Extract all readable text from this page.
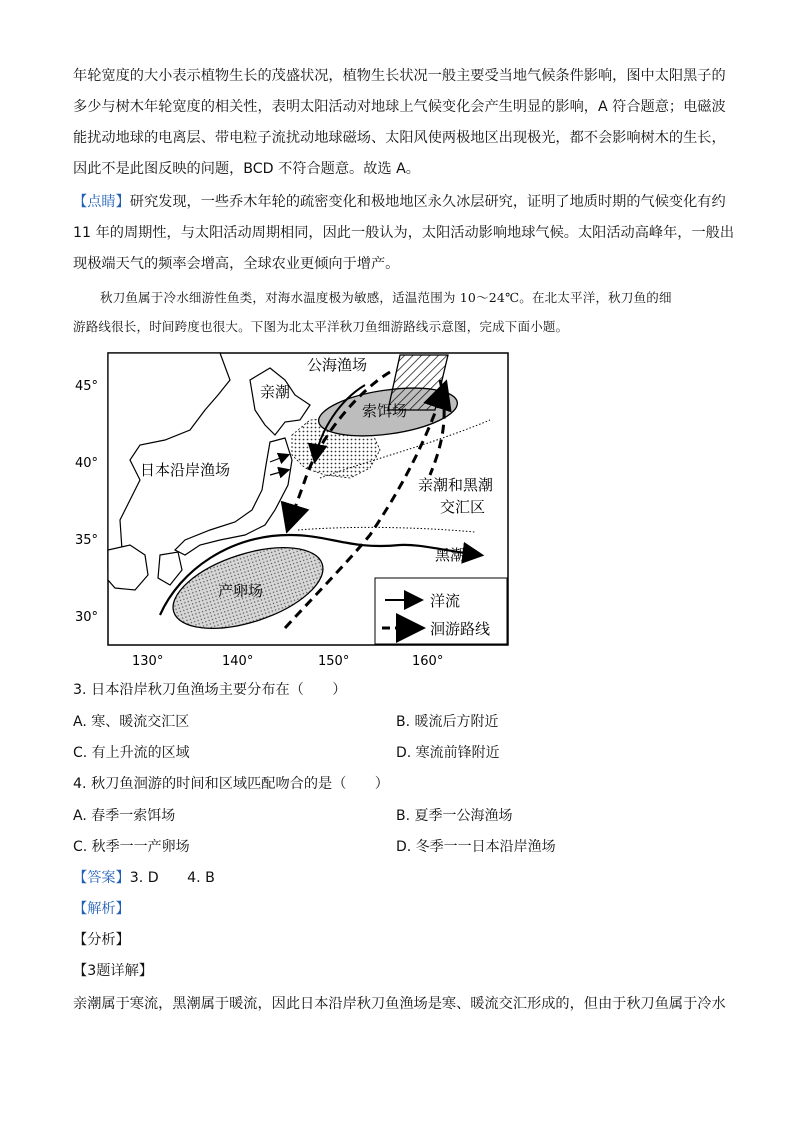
年轮宽度的大小表示植物生长的茂盛状况，植物生长状况一般主要受当地气候条件影响，图中太阳黑子的
多少与树木年轮宽度的相关性，表明太阳活动对地球上气候变化会产生明显的影响，A 符合题意；电磁波
能扰动地球的电离层、带电粒子流扰动地球磁场、太阳风使两极地区出现极光，都不会影响树木的生长，
因此不是此图反映的问题，BCD 不符合题意。故选 A。
【点睛】研究发现，一些乔木年轮的疏密变化和极地地区永久冰层研究，证明了地质时期的气候变化有约
11 年的周期性，与太阳活动周期相同，因此一般认为，太阳活动影响地球气候。太阳活动高峰年，一般出
现极端天气的频率会增高，全球农业更倾向于增产。
秋刀鱼属于冷水细游性鱼类，对海水温度极为敏感，适温范围为 10～24℃。在北太平洋，秋刀鱼的细
游路线很长，时间跨度也很大。下图为北太平洋秋刀鱼细游路线示意图，完成下面小题。
公海渔场
亲潮
索饵场
日本沿岸渔场
亲潮和黑潮
交汇区
黑潮
产卵场
45°
40°
35°
30°
130°	140°	150°	160°
洋流
洄游路线
3. 日本沿岸秋刀鱼渔场主要分布在（　　）
A. 寒、暖流交汇区	B. 暖流后方附近
C. 有上升流的区域	D. 寒流前锋附近
4. 秋刀鱼洄游的时间和区域匹配吻合的是（　　）
A. 春季一索饵场	B. 夏季一公海渔场
C. 秋季一一产卵场	D. 冬季一一日本沿岸渔场
【答案】3. D　　4. B
【解析】
【分析】
【3题详解】
亲潮属于寒流，黑潮属于暖流，因此日本沿岸秋刀鱼渔场是寒、暖流交汇形成的，但由于秋刀鱼属于冷水
